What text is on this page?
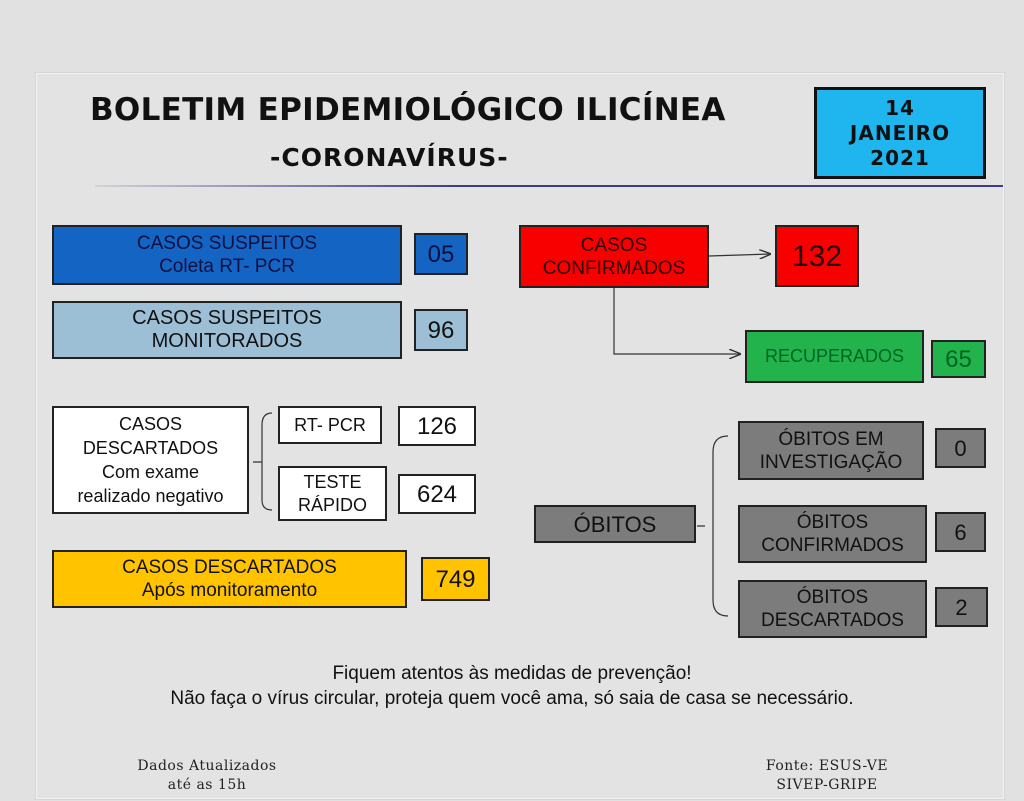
BOLETIM EPIDEMIOLÓGICO ILICÍNEA
-CORONAVÍRUS-
14
JANEIRO
2021
CASOS SUSPEITOS
Coleta RT- PCR	05
CASOS SUSPEITOS
MONITORADOS	96
CASOS
DESCARTADOS
Com exame
realizado negativo
RT- PCR	126
TESTE
RÁPIDO	624
CASOS DESCARTADOS
Após monitoramento	749
CASOS
CONFIRMADOS	132
RECUPERADOS	65
ÓBITOS
ÓBITOS EM
INVESTIGAÇÃO
0
ÓBITOS
CONFIRMADOS
6
ÓBITOS
DESCARTADOS
2
Fiquem atentos às medidas de prevenção!
Não faça o vírus circular, proteja quem você ama, só saia de casa se necessário.
Dados Atualizados
até as 15h
Fonte: ESUS-VE
SIVEP-GRIPE
